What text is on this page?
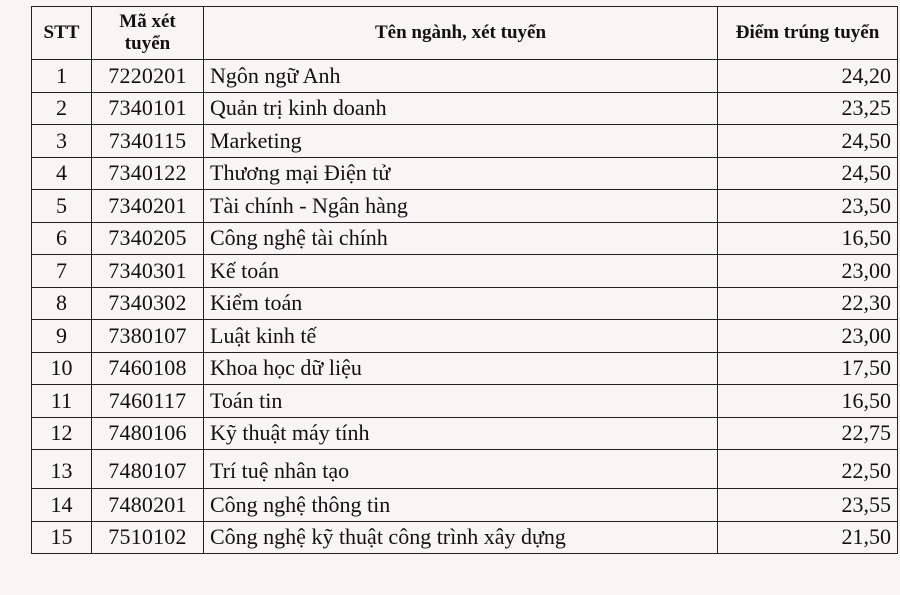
STT	Mã xét tuyển	Tên ngành, xét tuyển	Điểm trúng tuyển
1	7220201	Ngôn ngữ Anh	24,20
2	7340101	Quản trị kinh doanh	23,25
3	7340115	Marketing	24,50
4	7340122	Thương mại Điện tử	24,50
5	7340201	Tài chính - Ngân hàng	23,50
6	7340205	Công nghệ tài chính	16,50
7	7340301	Kế toán	23,00
8	7340302	Kiểm toán	22,30
9	7380107	Luật kinh tế	23,00
10	7460108	Khoa học dữ liệu	17,50
11	7460117	Toán tin	16,50
12	7480106	Kỹ thuật máy tính	22,75
13	7480107	Trí tuệ nhân tạo	22,50
14	7480201	Công nghệ thông tin	23,55
15	7510102	Công nghệ kỹ thuật công trình xây dựng	21,50
